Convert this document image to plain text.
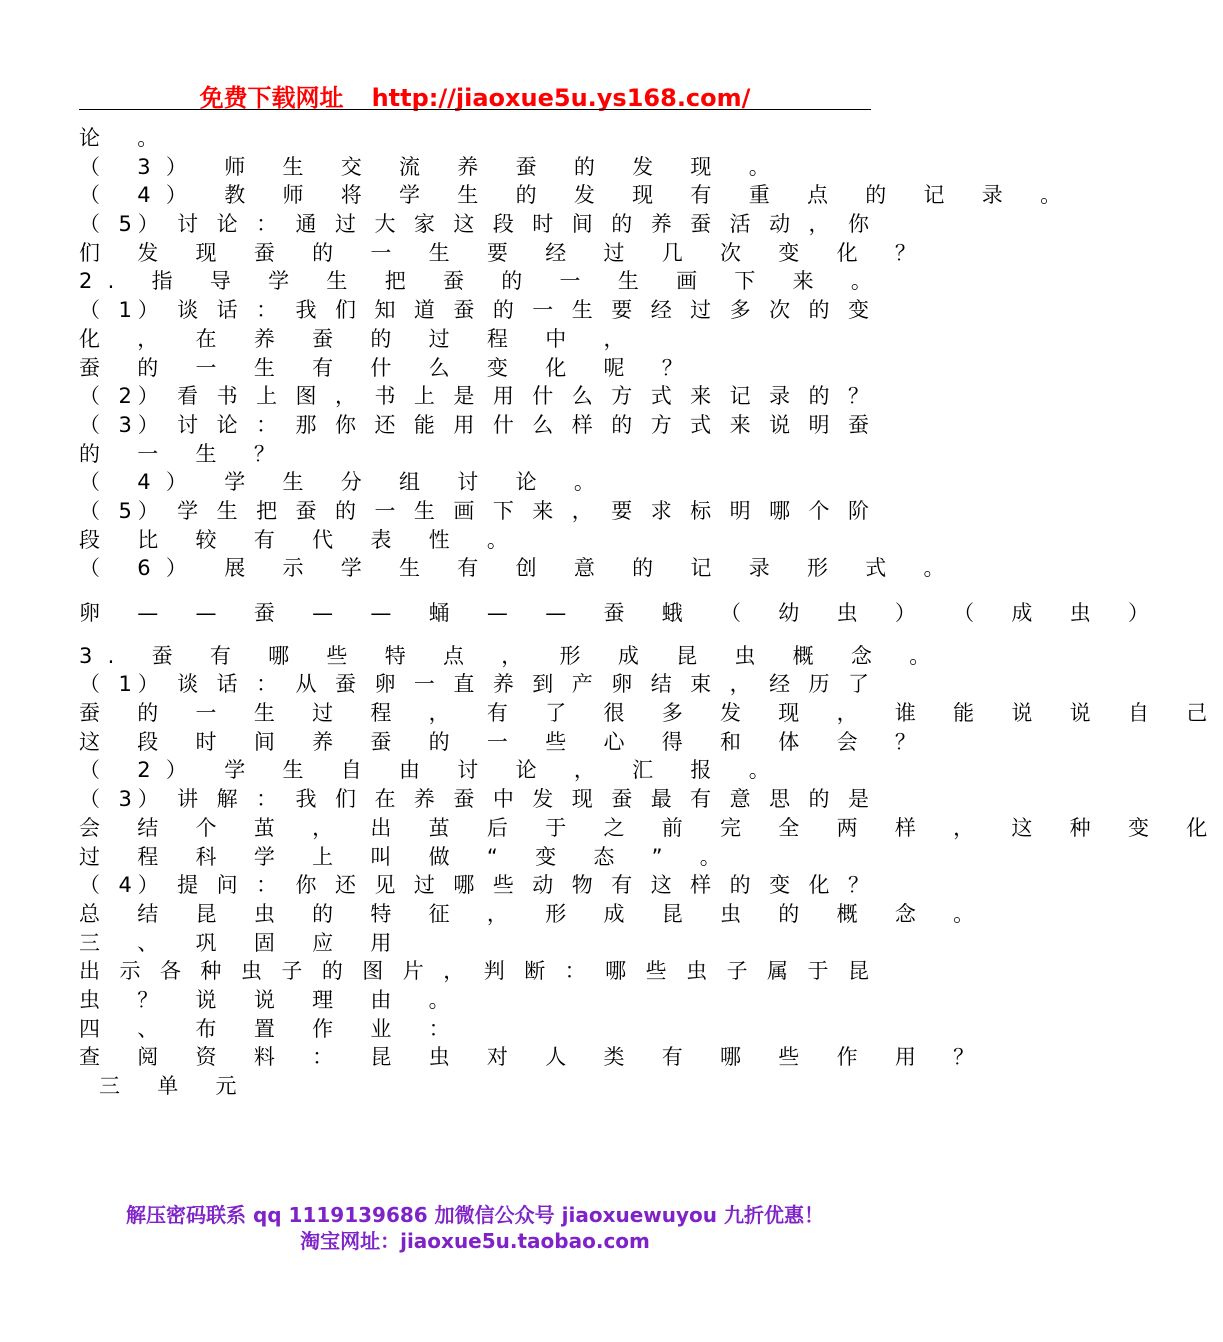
免费下载网址 http://jiaoxue5u.ys168.com/
论 。
（ 3） 师 生 交 流 养 蚕 的 发 现 。
（ 4） 教 师 将 学 生 的 发 现 有 重 点 的 记 录 。
（ 5） 讨 论 ： 通 过 大 家 这 段 时 间 的 养 蚕 活 动 ， 你
们 发 现 蚕 的 一 生 要 经 过 几 次 变 化 ？
2. 指 导 学 生 把 蚕 的 一 生 画 下 来 。
（ 1） 谈 话 ： 我 们 知 道 蚕 的 一 生 要 经 过 多 次 的 变
化 ， 在 养 蚕 的 过 程 中 ，
蚕 的 一 生 有 什 么 变 化 呢 ？
（ 2） 看 书 上 图 ， 书 上 是 用 什 么 方 式 来 记 录 的 ？
（ 3） 讨 论 ： 那 你 还 能 用 什 么 样 的 方 式 来 说 明 蚕
的 一 生 ？
（ 4） 学 生 分 组 讨 论 。
（ 5） 学 生 把 蚕 的 一 生 画 下 来 ， 要 求 标 明 哪 个 阶
段 比 较 有 代 表 性 。
（ 6） 展 示 学 生 有 创 意 的 记 录 形 式 。
卵 — — 蚕 — — 蛹 — — 蚕 蛾 （ 幼 虫 ） （ 成 虫 ）
3. 蚕 有 哪 些 特 点 ， 形 成 昆 虫 概 念 。
（ 1） 谈 话 ： 从 蚕 卵 一 直 养 到 产 卵 结 束 ， 经 历 了
蚕 的 一 生 过 程 ， 有 了 很 多 发 现 ， 谁 能 说 说 自 己
这 段 时 间 养 蚕 的 一 些 心 得 和 体 会 ？
（ 2） 学 生 自 由 讨 论 ， 汇 报 。
（ 3） 讲 解 ： 我 们 在 养 蚕 中 发 现 蚕 最 有 意 思 的 是
会 结 个 茧 ， 出 茧 后 于 之 前 完 全 两 样 ， 这 种 变 化
过 程 科 学 上 叫 做 “ 变 态 ” 。
（ 4） 提 问 ： 你 还 见 过 哪 些 动 物 有 这 样 的 变 化 ？
总 结 昆 虫 的 特 征 ， 形 成 昆 虫 的 概 念 。
三 、 巩 固 应 用
出 示 各 种 虫 子 的 图 片 ， 判 断 ： 哪 些 虫 子 属 于 昆
虫 ？ 说 说 理 由 。
四 、 布 置 作 业 ：
查 阅 资 料 ： 昆 虫 对 人 类 有 哪 些 作 用 ？
三 单 元
解压密码联系 qq 1119139686 加微信公众号 jiaoxuewuyou 九折优惠！
淘宝网址：jiaoxue5u.taobao.com
